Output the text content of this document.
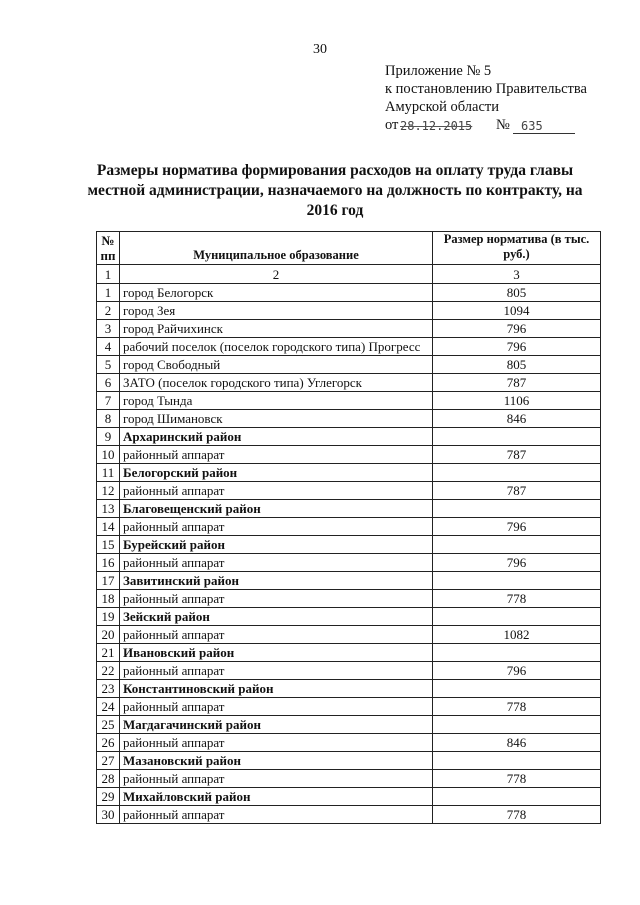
30
Приложение № 5
к постановлению Правительства
Амурской области
от 28.12.2015 № 635
Размеры норматива формирования расходов на оплату труда главы местной администрации, назначаемого на должность по контракту, на 2016 год
№
пп	Муниципальное образование	Размер норматива (в тыс. руб.)
1	2	3
1	город Белогорск	805
2	город Зея	1094
3	город Райчихинск	796
4	рабочий поселок (поселок городского типа) Прогресс	796
5	город Свободный	805
6	ЗАТО (поселок городского типа) Углегорск	787
7	город Тында	1106
8	город Шимановск	846
9	Архаринский район	
10	районный аппарат	787
11	Белогорский район	
12	районный аппарат	787
13	Благовещенский район	
14	районный аппарат	796
15	Бурейский район	
16	районный аппарат	796
17	Завитинский район	
18	районный аппарат	778
19	Зейский район	
20	районный аппарат	1082
21	Ивановский район	
22	районный аппарат	796
23	Константиновский район	
24	районный аппарат	778
25	Магдагачинский район	
26	районный аппарат	846
27	Мазановский район	
28	районный аппарат	778
29	Михайловский район	
30	районный аппарат	778
